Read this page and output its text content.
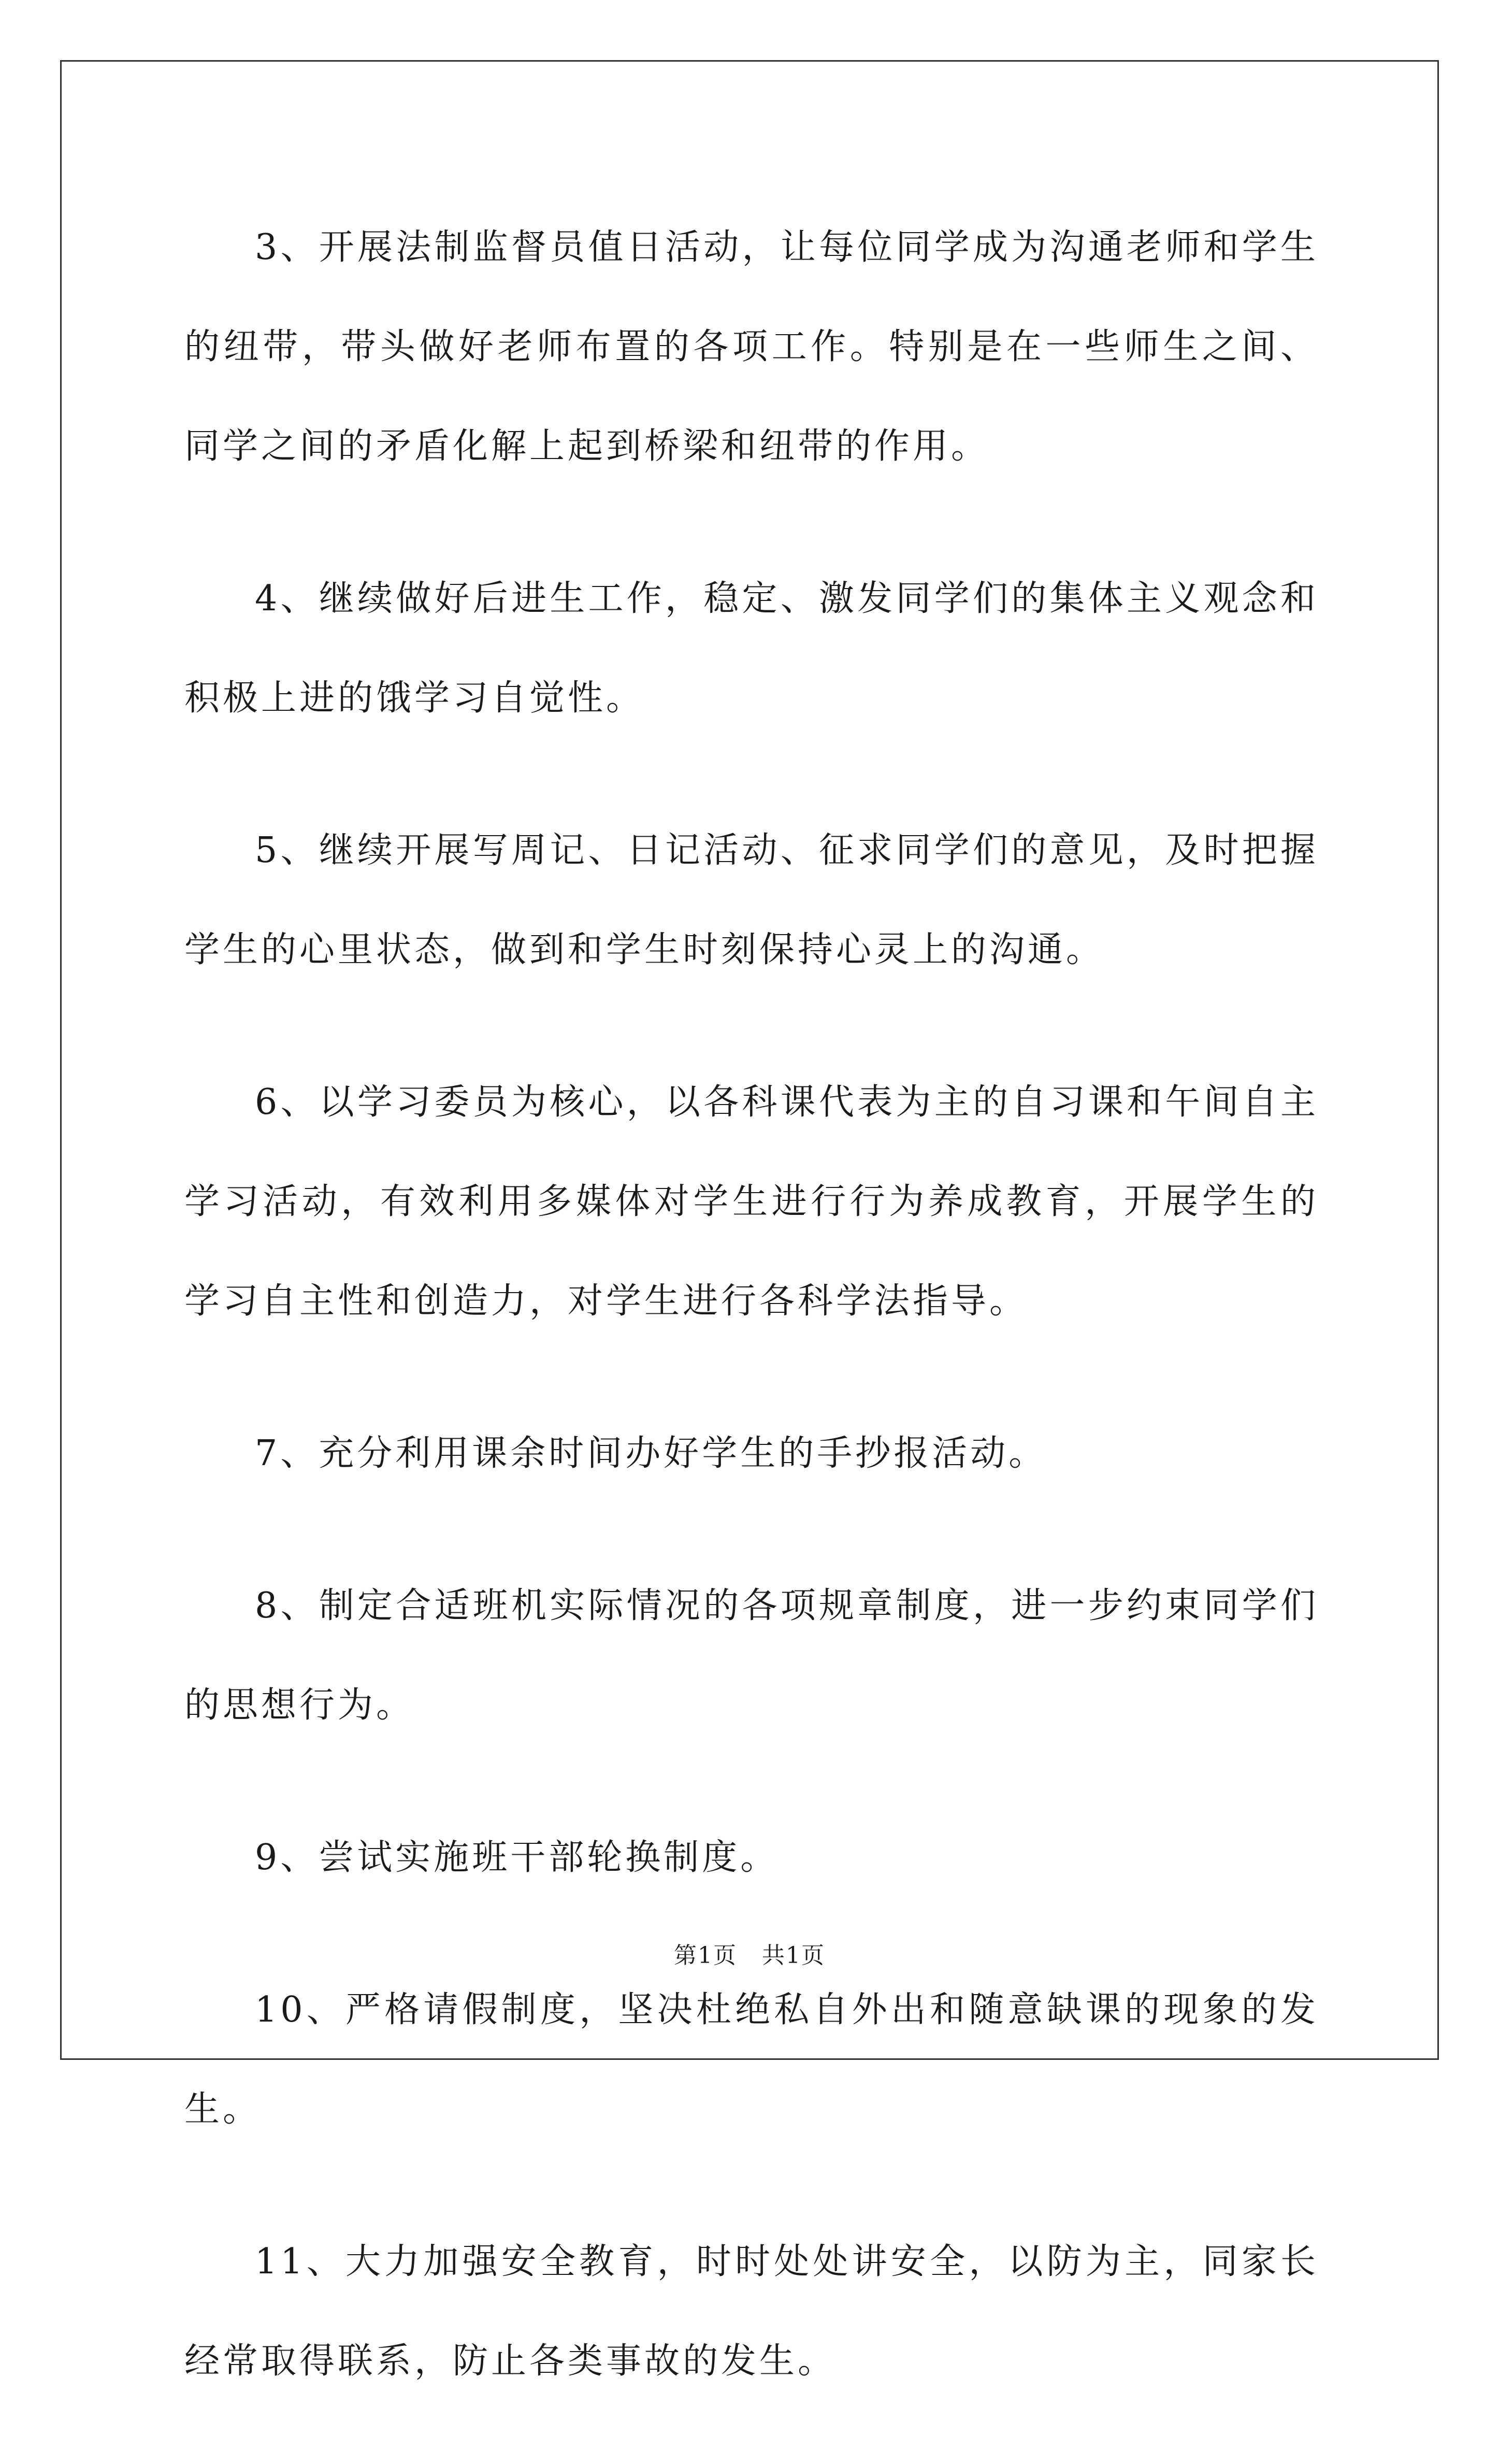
3、开展法制监督员值日活动，让每位同学成为沟通老师和学生的纽带，带头做好老师布置的各项工作。特别是在一些师生之间、同学之间的矛盾化解上起到桥梁和纽带的作用。

4、继续做好后进生工作，稳定、激发同学们的集体主义观念和积极上进的饿学习自觉性。

5、继续开展写周记、日记活动、征求同学们的意见，及时把握学生的心里状态，做到和学生时刻保持心灵上的沟通。

6、以学习委员为核心，以各科课代表为主的自习课和午间自主学习活动，有效利用多媒体对学生进行行为养成教育，开展学生的学习自主性和创造力，对学生进行各科学法指导。

7、充分利用课余时间办好学生的手抄报活动。

8、制定合适班机实际情况的各项规章制度，进一步约束同学们的思想行为。

9、尝试实施班干部轮换制度。

10、严格请假制度，坚决杜绝私自外出和随意缺课的现象的发生。

11、大力加强安全教育，时时处处讲安全，以防为主，同家长经常取得联系，防止各类事故的发生。

第1页   共1页
